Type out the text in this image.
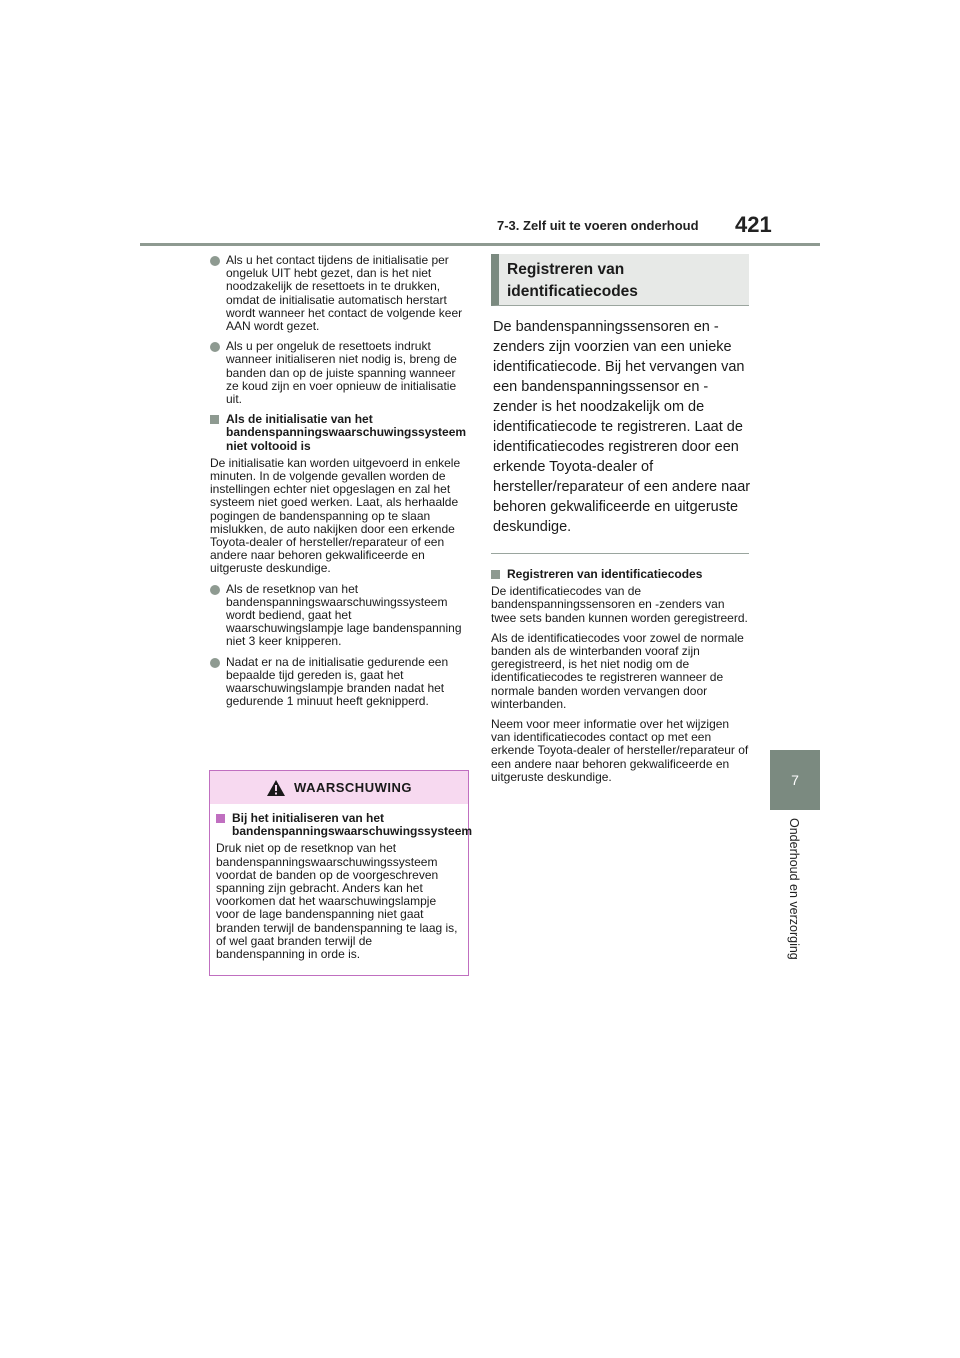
7-3. Zelf uit te voeren onderhoud 421
7
Onderhoud en verzorging
Als u het contact tijdens de initialisatie per ongeluk UIT hebt gezet, dan is het niet noodzakelijk de resettoets in te drukken, omdat de initialisatie automatisch herstart wordt wanneer het contact de volgende keer AAN wordt gezet.
Als u per ongeluk de resettoets indrukt wanneer initialiseren niet nodig is, breng de banden dan op de juiste spanning wanneer ze koud zijn en voer opnieuw de initialisatie uit.
Als de initialisatie van het bandenspanningswaarschuwingssysteem niet voltooid is

De initialisatie kan worden uitgevoerd in enkele minuten. In de volgende gevallen worden de instellingen echter niet opgeslagen en zal het systeem niet goed werken. Laat, als herhaalde pogingen de bandenspanning op te slaan mislukken, de auto nakijken door een erkende Toyota-dealer of hersteller/reparateur of een andere naar behoren gekwalificeerde en uitgeruste deskundige.

Als de resetknop van het bandenspanningswaarschuwingssysteem wordt bediend, gaat het waarschuwingslampje lage bandenspanning niet 3 keer knipperen.
Nadat er na de initialisatie gedurende een bepaalde tijd gereden is, gaat het waarschuwingslampje branden nadat het gedurende 1 minuut heeft geknipperd.
WAARSCHUWING
Bij het initialiseren van het bandenspanningswaarschuwingssysteem

Druk niet op de resetknop van het bandenspanningswaarschuwingssysteem voordat de banden op de voorgeschreven spanning zijn gebracht. Anders kan het voorkomen dat het waarschuwingslampje voor de lage bandenspanning niet gaat branden terwijl de bandenspanning te laag is, of wel gaat branden terwijl de bandenspanning in orde is.

Registreren van
identificatiecodes

De bandenspanningssensoren en -zenders zijn voorzien van een unieke identificatiecode. Bij het vervangen van een bandenspanningssensor en -zender is het noodzakelijk om de identificatiecode te registreren. Laat de identificatiecodes registreren door een erkende Toyota-dealer of hersteller/reparateur of een andere naar behoren gekwalificeerde en uitgeruste deskundige.

Registreren van identificatiecodes

De identificatiecodes van de bandenspanningssensoren en -zenders van twee sets banden kunnen worden geregistreerd.

Als de identificatiecodes voor zowel de normale banden als de winterbanden vooraf zijn geregistreerd, is het niet nodig om de identificatiecodes te registreren wanneer de normale banden worden vervangen door winterbanden.

Neem voor meer informatie over het wijzigen van identificatiecodes contact op met een erkende Toyota-dealer of hersteller/reparateur of een andere naar behoren gekwalificeerde en uitgeruste deskundige.
